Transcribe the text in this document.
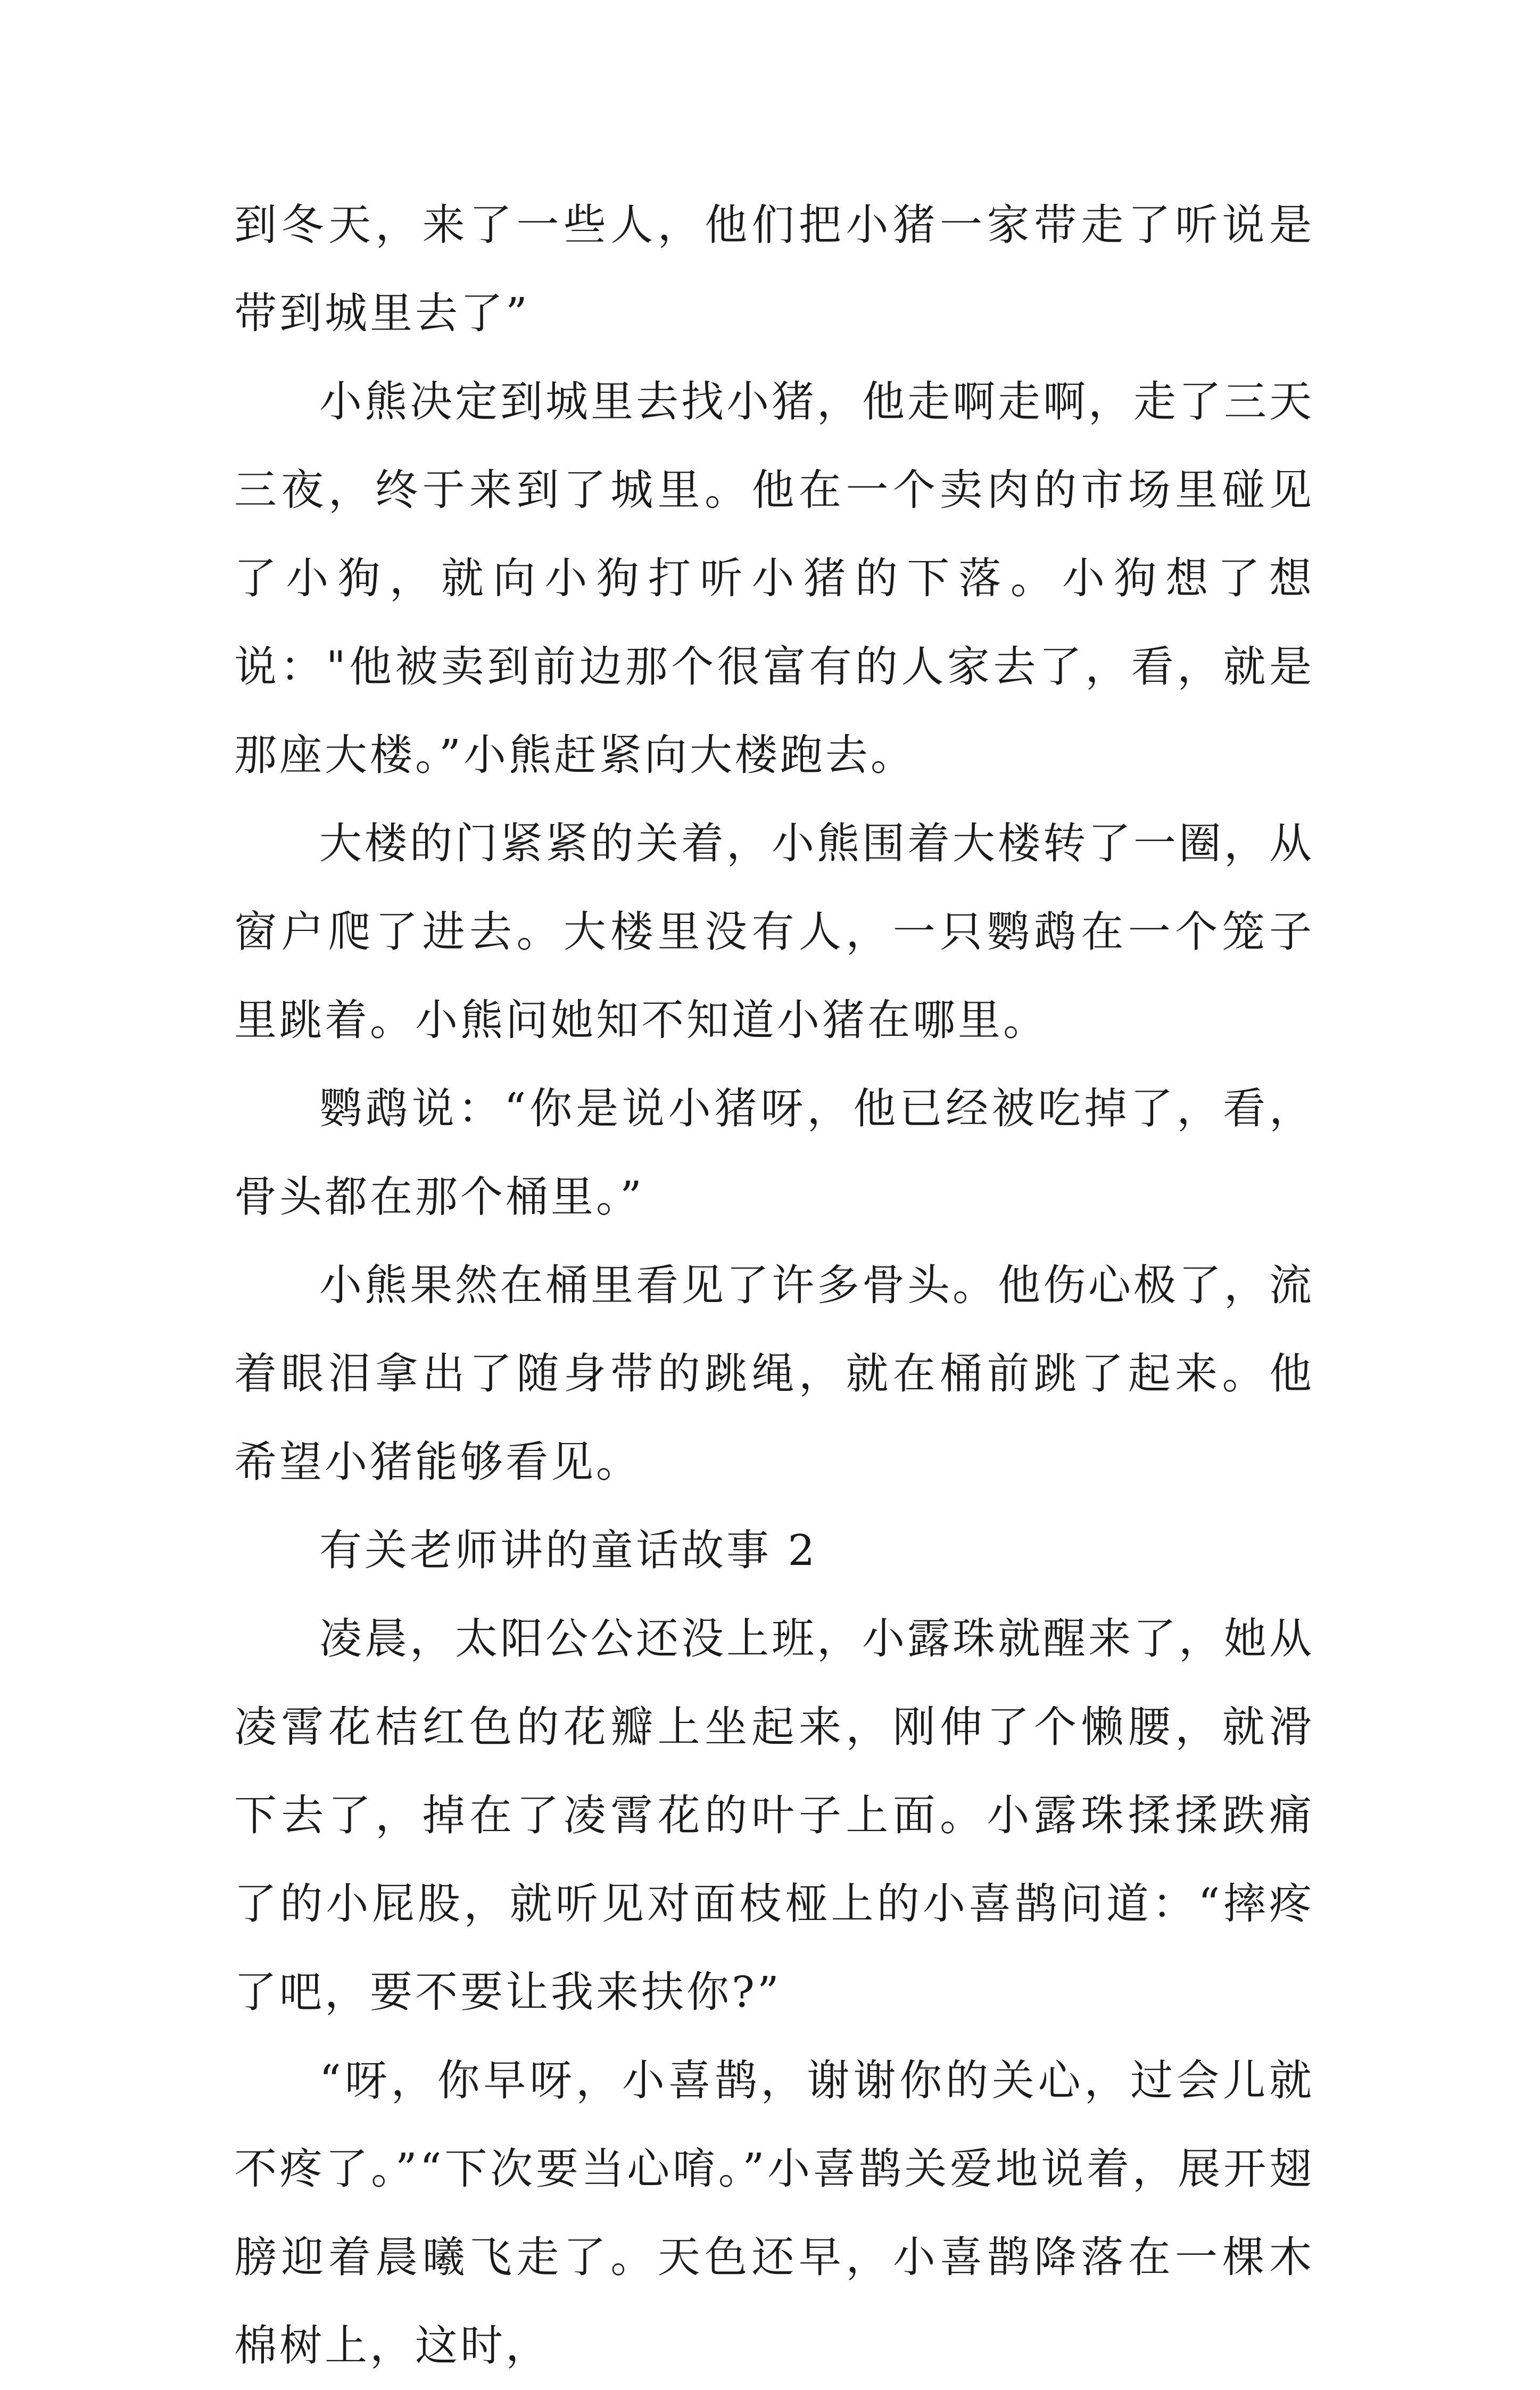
到冬天，来了一些人，他们把小猪一家带走了听说是带到城里去了”

小熊决定到城里去找小猪，他走啊走啊，走了三天三夜，终于来到了城里。他在一个卖肉的市场里碰见了小狗，就向小狗打听小猪的下落。小狗想了想说："他被卖到前边那个很富有的人家去了，看，就是那座大楼。”小熊赶紧向大楼跑去。

大楼的门紧紧的关着，小熊围着大楼转了一圈，从窗户爬了进去。大楼里没有人，一只鹦鹉在一个笼子里跳着。小熊问她知不知道小猪在哪里。

鹦鹉说：“你是说小猪呀，他已经被吃掉了，看，骨头都在那个桶里。”

小熊果然在桶里看见了许多骨头。他伤心极了，流着眼泪拿出了随身带的跳绳，就在桶前跳了起来。他希望小猪能够看见。

有关老师讲的童话故事 2

凌晨，太阳公公还没上班，小露珠就醒来了，她从凌霄花桔红色的花瓣上坐起来，刚伸了个懒腰，就滑下去了，掉在了凌霄花的叶子上面。小露珠揉揉跌痛了的小屁股，就听见对面枝桠上的小喜鹊问道：“摔疼了吧，要不要让我来扶你?”

“呀，你早呀，小喜鹊，谢谢你的关心，过会儿就不疼了。”“下次要当心唷。”小喜鹊关爱地说着，展开翅膀迎着晨曦飞走了。天色还早，小喜鹊降落在一棵木棉树上，这时，
